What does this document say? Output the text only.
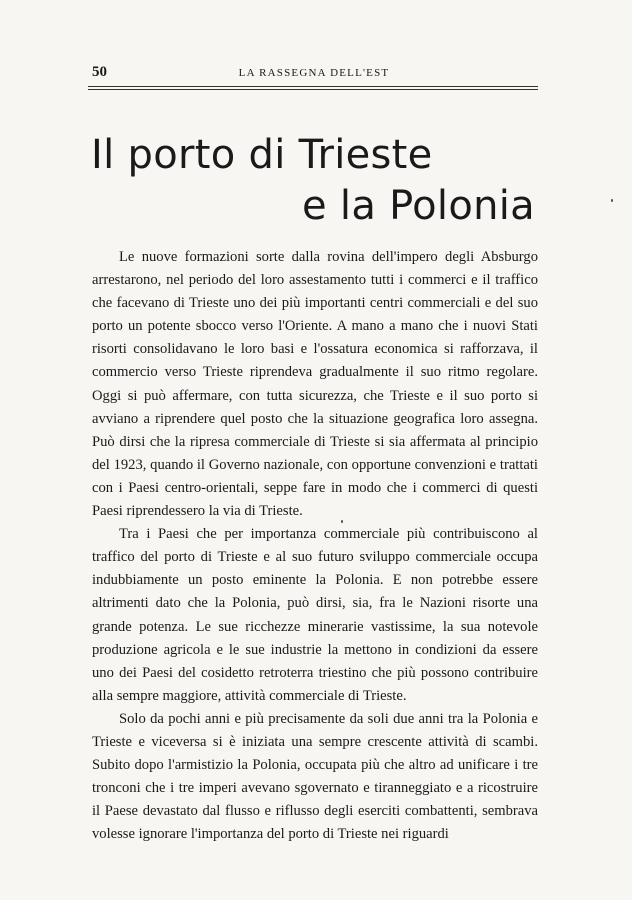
50	LA RASSEGNA DELL'EST
Il porto di Trieste
e la Polonia

Le nuove formazioni sorte dalla rovina dell'impero degli Absburgo arrestarono, nel periodo del loro assestamento tutti i commerci e il traffico che facevano di Trieste uno dei più importanti centri commerciali e del suo porto un potente sbocco verso l'Oriente. A mano a mano che i nuovi Stati risorti consolidavano le loro basi e l'ossatura economica si rafforzava, il commercio verso Trieste riprendeva gradualmente il suo ritmo regolare. Oggi si può affermare, con tutta sicurezza, che Trieste e il suo porto si avviano a riprendere quel posto che la situazione geografica loro assegna. Può dirsi che la ripresa commerciale di Trieste si sia affermata al principio del 1923, quando il Governo nazionale, con opportune convenzioni e trattati con i Paesi centro-orientali, seppe fare in modo che i commerci di questi Paesi riprendessero la via di Trieste.

Tra i Paesi che per importanza commerciale più contribuiscono al traffico del porto di Trieste e al suo futuro sviluppo commerciale occupa indubbiamente un posto eminente la Polonia. E non potrebbe essere altrimenti dato che la Polonia, può dirsi, sia, fra le Nazioni risorte una grande potenza. Le sue ricchezze minerarie vastissime, la sua notevole produzione agricola e le sue industrie la mettono in condizioni da essere uno dei Paesi del cosidetto retroterra triestino che più possono contribuire alla sempre maggiore, attività commerciale di Trieste.

Solo da pochi anni e più precisamente da soli due anni tra la Polonia e Trieste e viceversa si è iniziata una sempre crescente attività di scambi. Subito dopo l'armistizio la Polonia, occupata più che altro ad unificare i tre tronconi che i tre imperi avevano sgovernato e tiranneggiato e a ricostruire il Paese devastato dal flusso e riflusso degli eserciti combattenti, sembrava volesse ignorare l'importanza del porto di Trieste nei riguardi
